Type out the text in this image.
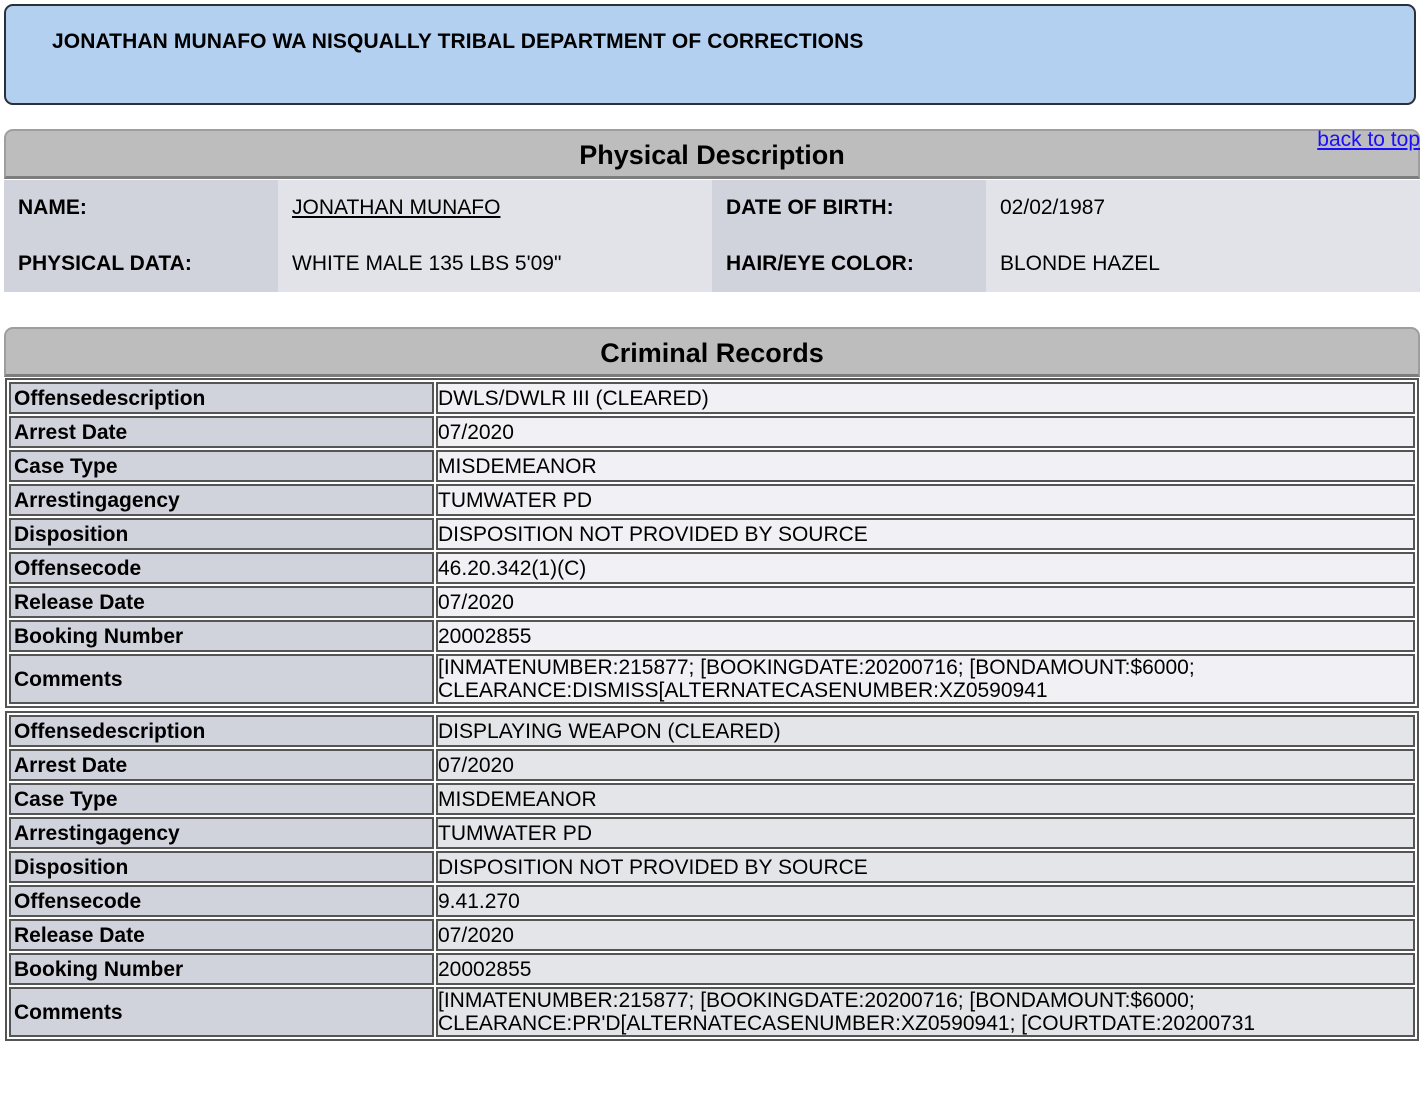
JONATHAN MUNAFO WA NISQUALLY TRIBAL DEPARTMENT OF CORRECTIONS
Physical Description
back to top
NAME:	JONATHAN MUNAFO	DATE OF BIRTH:	02/02/1987
PHYSICAL DATA:	WHITE MALE 135 LBS 5'09"	HAIR/EYE COLOR:	BLONDE HAZEL
Criminal Records
Offensedescription	DWLS/DWLR III (CLEARED)
Arrest Date	07/2020
Case Type	MISDEMEANOR
Arrestingagency	TUMWATER PD
Disposition	DISPOSITION NOT PROVIDED BY SOURCE
Offensecode	46.20.342(1)(C)
Release Date	07/2020
Booking Number	20002855
Comments	[INMATENUMBER:215877; [BOOKINGDATE:20200716; [BONDAMOUNT:$6000;
CLEARANCE:DISMISS[ALTERNATECASENUMBER:XZ0590941
Offensedescription	DISPLAYING WEAPON (CLEARED)
Arrest Date	07/2020
Case Type	MISDEMEANOR
Arrestingagency	TUMWATER PD
Disposition	DISPOSITION NOT PROVIDED BY SOURCE
Offensecode	9.41.270
Release Date	07/2020
Booking Number	20002855
Comments	[INMATENUMBER:215877; [BOOKINGDATE:20200716; [BONDAMOUNT:$6000;
CLEARANCE:PR'D[ALTERNATECASENUMBER:XZ0590941; [COURTDATE:20200731
